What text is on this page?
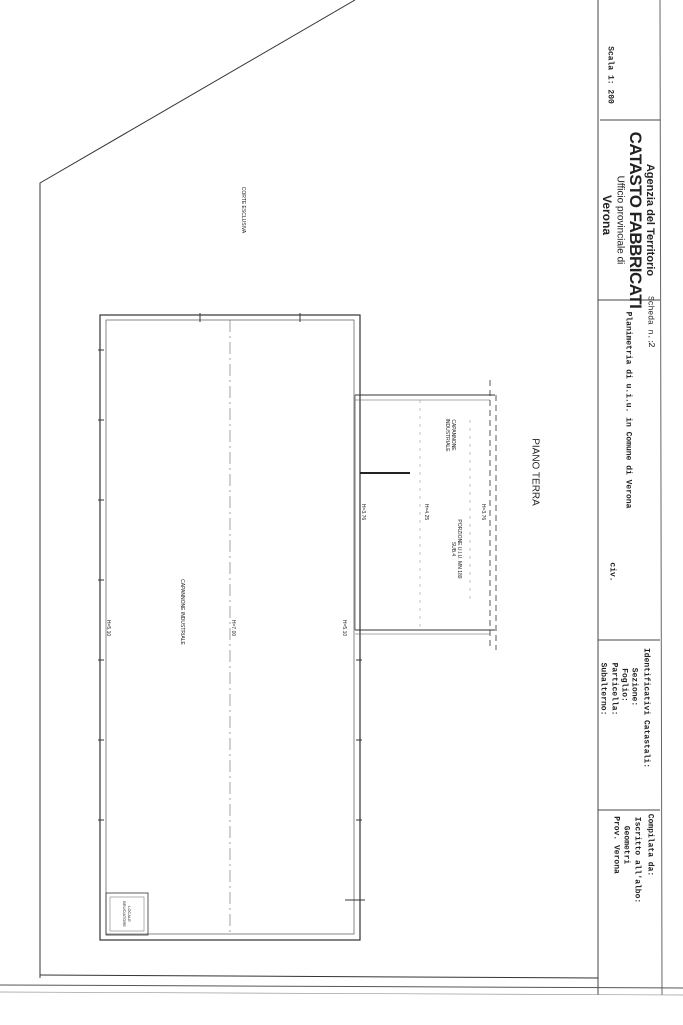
Scala 1: 200
Agenzia del Territorio
CATASTO FABBRICATI
Ufficio provinciale di
Verona
Scheda n.:
2
Planimetria di u.i.u. in Comune di Verona
civ.
Identificativi Catastali:
Sezione:
Foglio:
Particella:
Subalterno:
Compilata da:
Iscritto all'albo:
Geometri
Prov. Verona
PIANO TERRA
CORTE ESCLUSIVA
CAPANNONE INDUSTRIALE
CAPANNONE INDUSTRIALE
PORZIONE U.I.U. MN 189 SUB.4
LOCALE BRUCIATORE
H=5.10	H=7.00	H=5.10
H=3.76	H=4.25	H=3.76
